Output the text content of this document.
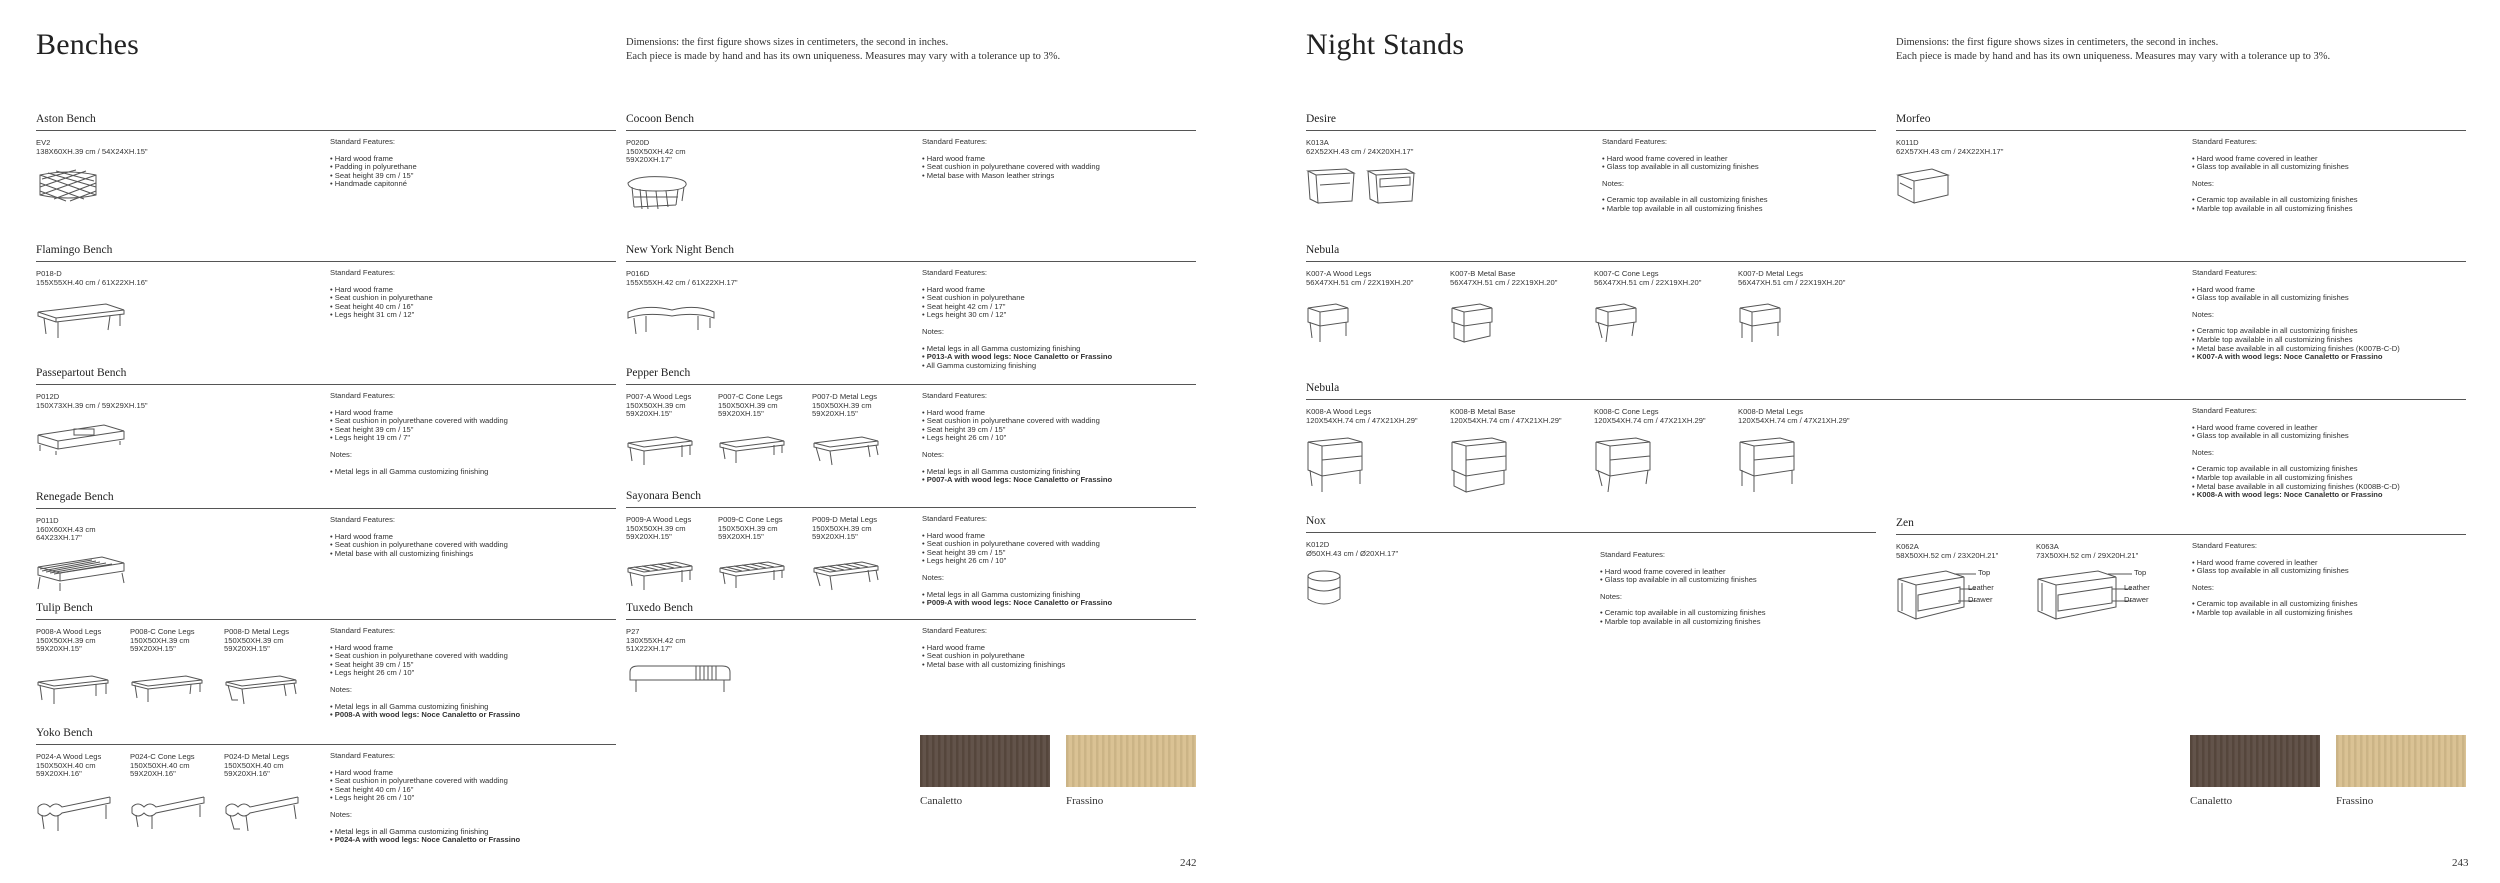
Benches	Dimensions: the first figure shows sizes in centimeters, the second in inches.
Each piece is made by hand and has its own uniqueness. Measures may vary with a tolerance up to 3%.
Aston Bench
EV2
138X60XH.39 cm / 54X24XH.15"
Standard Features:
• Hard wood frame
• Padding in polyurethane
• Seat height 39 cm / 15"
• Handmade capitonné
Flamingo Bench
P018-D
155X55XH.40 cm / 61X22XH.16"
Standard Features:
• Hard wood frame
• Seat cushion in polyurethane
• Seat height 40 cm / 16"
• Legs height 31 cm / 12"
Passepartout Bench
P012D
150X73XH.39 cm / 59X29XH.15"
Standard Features:
• Hard wood frame
• Seat cushion in polyurethane covered with wadding
• Seat height 39 cm / 15"
• Legs height 19 cm / 7"
Notes:
• Metal legs in all Gamma customizing finishing
Renegade Bench
P011D
160X60XH.43 cm
64X23XH.17"
Standard Features:
• Hard wood frame
• Seat cushion in polyurethane covered with wadding
• Metal base with all customizing finishings
Tulip Bench
P008-A Wood Legs
150X50XH.39 cm
59X20XH.15"
P008-C Cone Legs
150X50XH.39 cm
59X20XH.15"
P008-D Metal Legs
150X50XH.39 cm
59X20XH.15"
Standard Features:
• Hard wood frame
• Seat cushion in polyurethane covered with wadding
• Seat height 39 cm / 15"
• Legs height 26 cm / 10"
Notes:
• Metal legs in all Gamma customizing finishing
• P008-A with wood legs: Noce Canaletto or Frassino
Yoko Bench
P024-A Wood Legs
150X50XH.40 cm
59X20XH.16"
P024-C Cone Legs
150X50XH.40 cm
59X20XH.16"
P024-D Metal Legs
150X50XH.40 cm
59X20XH.16"
Standard Features:
• Hard wood frame
• Seat cushion in polyurethane covered with wadding
• Seat height 40 cm / 16"
• Legs height 26 cm / 10"
Notes:
• Metal legs in all Gamma customizing finishing
• P024-A with wood legs: Noce Canaletto or Frassino
Cocoon Bench
P020D
150X50XH.42 cm
59X20XH.17"
Standard Features:
• Hard wood frame
• Seat cushion in polyurethane covered with wadding
• Metal base with Mason leather strings
New York Night Bench
P016D
155X55XH.42 cm / 61X22XH.17"
Standard Features:
• Hard wood frame
• Seat cushion in polyurethane
• Seat height 42 cm / 17"
• Legs height 30 cm / 12"
Notes:
• Metal legs in all Gamma customizing finishing
• P013-A with wood legs: Noce Canaletto or Frassino
• All Gamma customizing finishing
Pepper Bench
P007-A Wood Legs
150X50XH.39 cm
59X20XH.15"
P007-C Cone Legs
150X50XH.39 cm
59X20XH.15"
P007-D Metal Legs
150X50XH.39 cm
59X20XH.15"
Standard Features:
• Hard wood frame
• Seat cushion in polyurethane covered with wadding
• Seat height 39 cm / 15"
• Legs height 26 cm / 10"
Notes:
• Metal legs in all Gamma customizing finishing
• P007-A with wood legs: Noce Canaletto or Frassino
Sayonara Bench
P009-A Wood Legs
150X50XH.39 cm
59X20XH.15"
P009-C Cone Legs
150X50XH.39 cm
59X20XH.15"
P009-D Metal Legs
150X50XH.39 cm
59X20XH.15"
Standard Features:
• Hard wood frame
• Seat cushion in polyurethane covered with wadding
• Seat height 39 cm / 15"
• Legs height 26 cm / 10"
Notes:
• Metal legs in all Gamma customizing finishing
• P009-A with wood legs: Noce Canaletto or Frassino
Tuxedo Bench
P27
130X55XH.42 cm
51X22XH.17"
Standard Features:
• Hard wood frame
• Seat cushion in polyurethane
• Metal base with all customizing finishings
Canaletto	Frassino
242
Night Stands	Dimensions: the first figure shows sizes in centimeters, the second in inches.
Each piece is made by hand and has its own uniqueness. Measures may vary with a tolerance up to 3%.
Desire
K013A
62X52XH.43 cm / 24X20XH.17"
Standard Features:
• Hard wood frame covered in leather
• Glass top available in all customizing finishes
Notes:
• Ceramic top available in all customizing finishes
• Marble top available in all customizing finishes
Morfeo
K011D
62X57XH.43 cm / 24X22XH.17"
Standard Features:
• Hard wood frame covered in leather
• Glass top available in all customizing finishes
Notes:
• Ceramic top available in all customizing finishes
• Marble top available in all customizing finishes
Nebula
K007-A Wood Legs
56X47XH.51 cm / 22X19XH.20"
K007-B Metal Base
56X47XH.51 cm / 22X19XH.20"
K007-C Cone Legs
56X47XH.51 cm / 22X19XH.20"
K007-D Metal Legs
56X47XH.51 cm / 22X19XH.20"
Standard Features:
• Hard wood frame
• Glass top available in all customizing finishes
Notes:
• Ceramic top available in all customizing finishes
• Marble top available in all customizing finishes
• Metal base available in all customizing finishes (K007B-C-D)
• K007-A with wood legs: Noce Canaletto or Frassino
Nebula
K008-A Wood Legs
120X54XH.74 cm / 47X21XH.29"
K008-B Metal Base
120X54XH.74 cm / 47X21XH.29"
K008-C Cone Legs
120X54XH.74 cm / 47X21XH.29"
K008-D Metal Legs
120X54XH.74 cm / 47X21XH.29"
Standard Features:
• Hard wood frame covered in leather
• Glass top available in all customizing finishes
Notes:
• Ceramic top available in all customizing finishes
• Marble top available in all customizing finishes
• Metal base available in all customizing finishes (K008B-C-D)
• K008-A with wood legs: Noce Canaletto or Frassino
Nox
K012D
Ø50XH.43 cm / Ø20XH.17"	Standard Features:
• Hard wood frame covered in leather
• Glass top available in all customizing finishes
Notes:
• Ceramic top available in all customizing finishes
• Marble top available in all customizing finishes
Zen
K062A
58X50XH.52 cm / 23X20H.21"
K063A
73X50XH.52 cm / 29X20H.21"
Top
Leather
Drawer
Top
Leather
Drawer
Standard Features:
• Hard wood frame covered in leather
• Glass top available in all customizing finishes
Notes:
• Ceramic top available in all customizing finishes
• Marble top available in all customizing finishes
Canaletto	Frassino
243
